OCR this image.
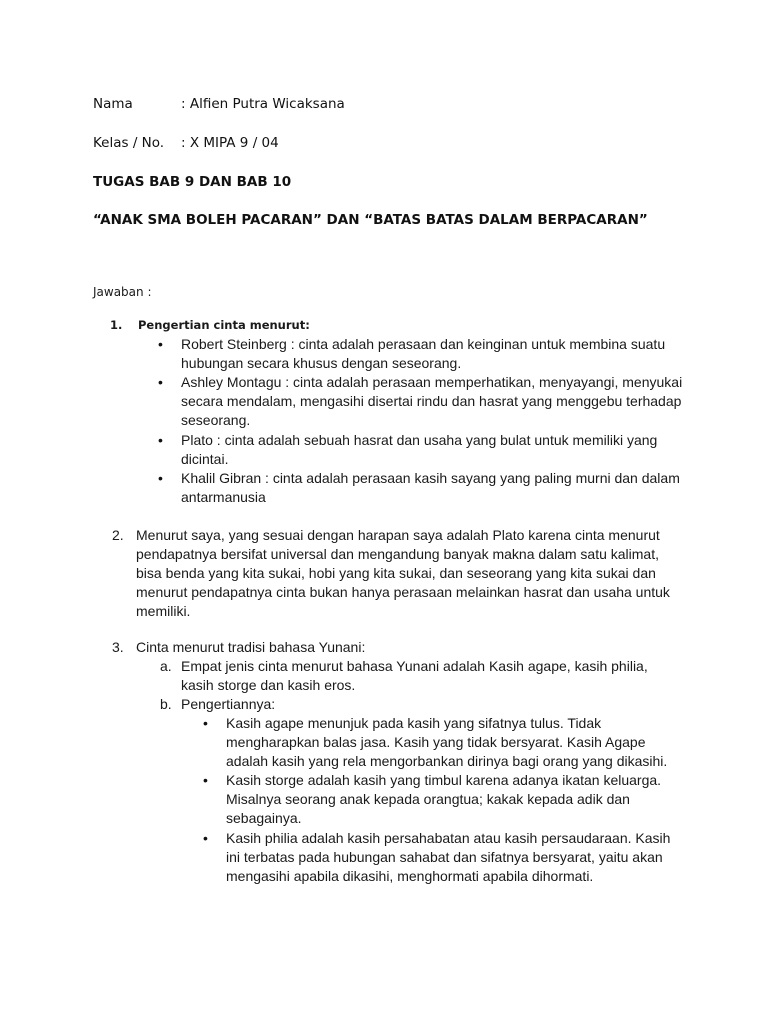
Nama	: Alfien Putra Wicaksana
Kelas / No. : X MIPA 9 / 04
TUGAS BAB 9 DAN BAB 10
“ANAK SMA BOLEH PACARAN” DAN “BATAS BATAS DALAM BERPACARAN”
Jawaban :
1. Pengertian cinta menurut:
• Robert Steinberg : cinta adalah perasaan dan keinginan untuk membina suatu
hubungan secara khusus dengan seseorang.
• Ashley Montagu : cinta adalah perasaan memperhatikan, menyayangi, menyukai
secara mendalam, mengasihi disertai rindu dan hasrat yang menggebu terhadap
seseorang.
• Plato : cinta adalah sebuah hasrat dan usaha yang bulat untuk memiliki yang
dicintai.
• Khalil Gibran : cinta adalah perasaan kasih sayang yang paling murni dan dalam
antarmanusia
2. Menurut saya, yang sesuai dengan harapan saya adalah Plato karena cinta menurut
pendapatnya bersifat universal dan mengandung banyak makna dalam satu kalimat,
bisa benda yang kita sukai, hobi yang kita sukai, dan seseorang yang kita sukai dan
menurut pendapatnya cinta bukan hanya perasaan melainkan hasrat dan usaha untuk
memiliki.
3. Cinta menurut tradisi bahasa Yunani:
a. Empat jenis cinta menurut bahasa Yunani adalah Kasih agape, kasih philia,
kasih storge dan kasih eros.
b. Pengertiannya:
• Kasih agape menunjuk pada kasih yang sifatnya tulus. Tidak
mengharapkan balas jasa. Kasih yang tidak bersyarat. Kasih Agape
adalah kasih yang rela mengorbankan dirinya bagi orang yang dikasihi.
• Kasih storge adalah kasih yang timbul karena adanya ikatan keluarga.
Misalnya seorang anak kepada orangtua; kakak kepada adik dan
sebagainya.
• Kasih philia adalah kasih persahabatan atau kasih persaudaraan. Kasih
ini terbatas pada hubungan sahabat dan sifatnya bersyarat, yaitu akan
mengasihi apabila dikasihi, menghormati apabila dihormati.
